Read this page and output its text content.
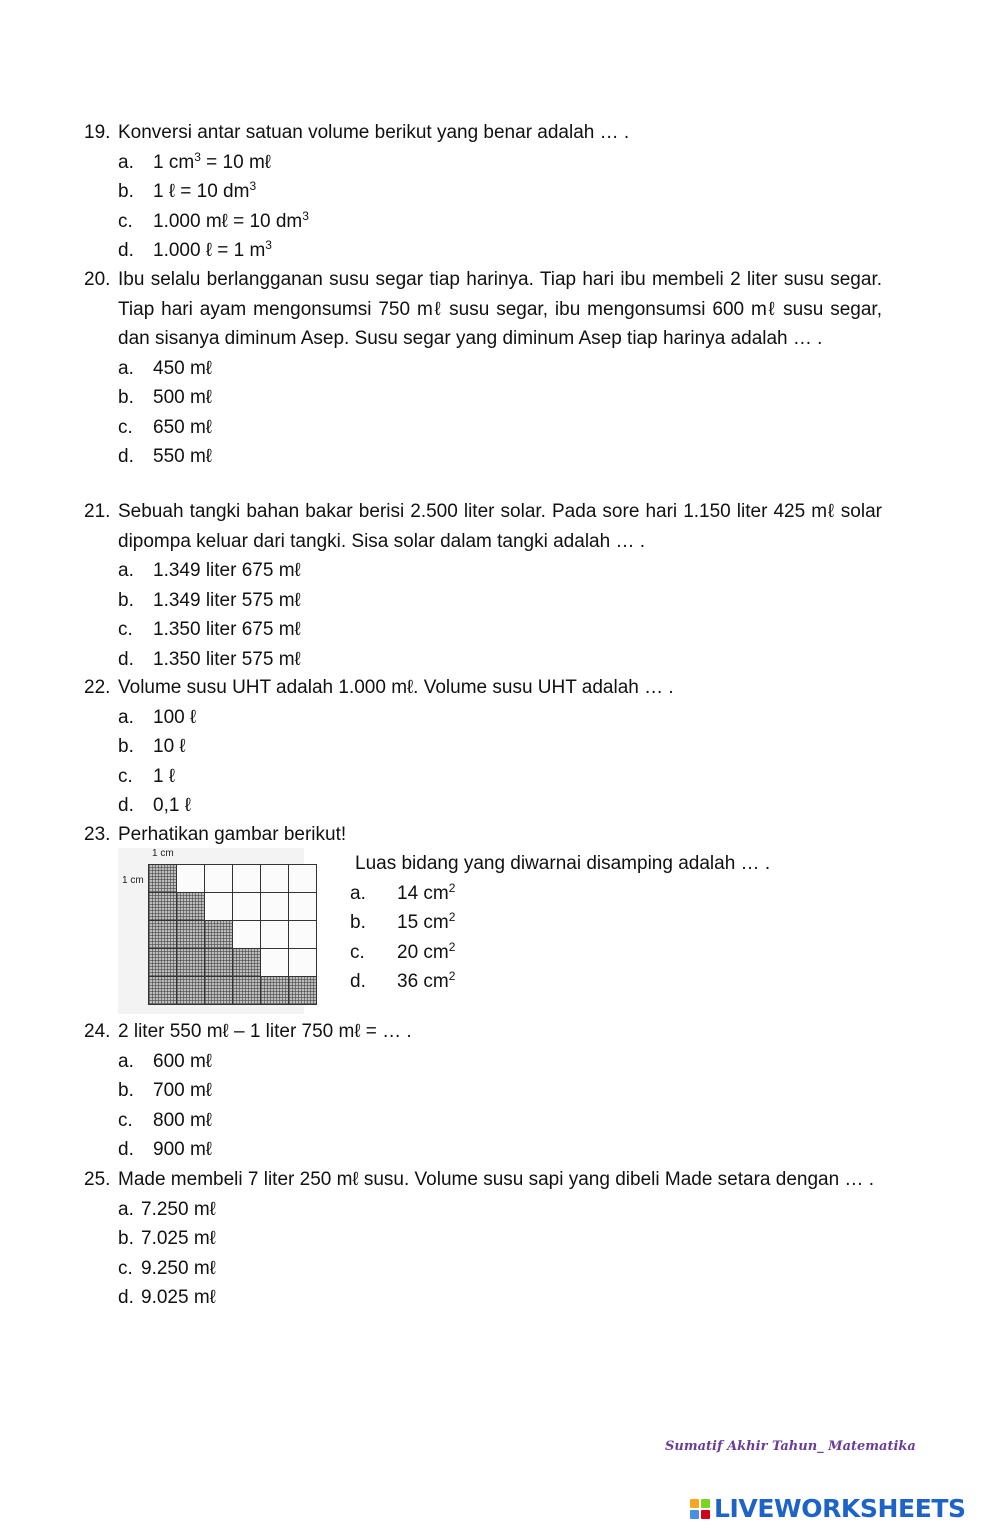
19. Konversi antar satuan volume berikut yang benar adalah … .
a.	1 $cm^3 = 10$ mℓ
b.	1 ℓ = 10 $dm^3$
c.	1.000 mℓ = 10 $dm^3$
d.	1.000 ℓ = 1 $m^3$
20. Ibu selalu berlangganan susu segar tiap harinya. Tiap hari ibu membeli 2 liter susu segar. Tiap hari ayam mengonsumsi 750 mℓ susu segar, ibu mengonsumsi 600 mℓ susu segar, dan sisanya diminum Asep. Susu segar yang diminum Asep tiap harinya adalah … .
a.	450 mℓ
b.	500 mℓ
c.	650 mℓ
d.	550 mℓ
21. Sebuah tangki bahan bakar berisi 2.500 liter solar. Pada sore hari 1.150 liter 425 mℓ solar dipompa keluar dari tangki. Sisa solar dalam tangki adalah … .
a.	1.349 liter 675 mℓ
b.	1.349 liter 575 mℓ
c.	1.350 liter 675 mℓ
d.	1.350 liter 575 mℓ
22. Volume susu UHT adalah 1.000 mℓ. Volume susu UHT adalah … .
a.	100 ℓ
b.	10 ℓ
c.	1 ℓ
d.	0,1 ℓ
23. Perhatikan gambar berikut!
1 cm
1 cm
Luas bidang yang diwarnai disamping adalah … .
a.	14 $cm^2$
b.	15 $cm^2$
c.	20 $cm^2$
d.	36 $cm^2$
24. 2 liter 550 mℓ – 1 liter 750 mℓ = … .
a.	600 mℓ
b.	700 mℓ
c.	800 mℓ
d.	900 mℓ
25. Made membeli 7 liter 250 mℓ susu. Volume susu sapi yang dibeli Made setara dengan … .
a. 7.250 mℓ
b. 7.025 mℓ
c. 9.250 mℓ
d. 9.025 mℓ
Sumatif Akhir Tahun_ Matematika
LIVEWORKSHEETS
